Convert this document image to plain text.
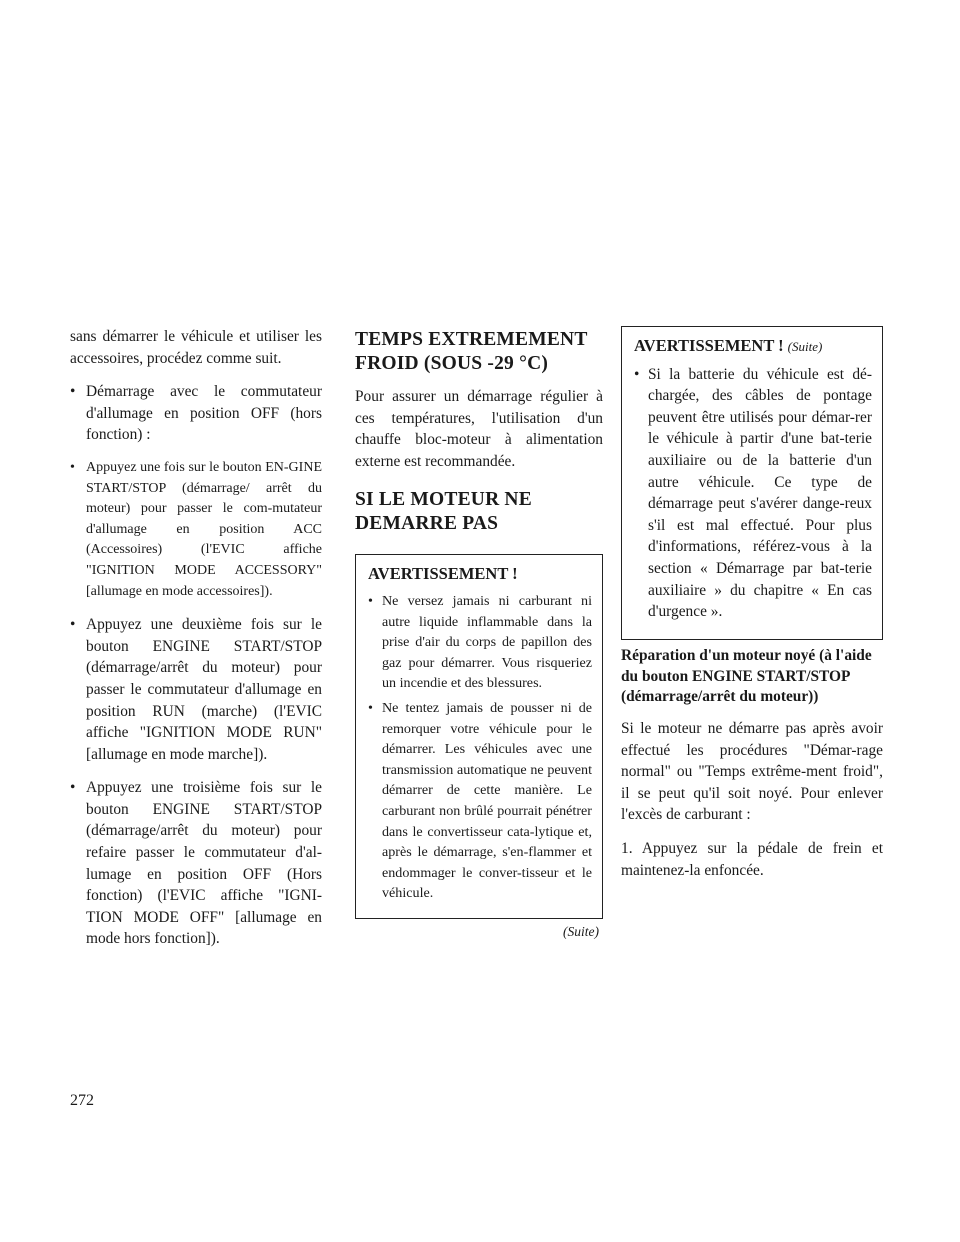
sans démarrer le véhicule et utiliser les accessoires, procédez comme suit.

• Démarrage avec le commutateur d'allumage en position OFF (hors fonction) :
• Appuyez une fois sur le bouton EN-GINE START/STOP (démarrage/ arrêt du moteur) pour passer le com-mutateur d'allumage en position ACC (Accessoires) (l'EVIC affiche "IGNITION MODE ACCESSORY" [allumage en mode accessoires]).
• Appuyez une deuxième fois sur le bouton ENGINE START/STOP (démarrage/arrêt du moteur) pour passer le commutateur d'allumage en position RUN (marche) (l'EVIC affiche "IGNITION MODE RUN" [allumage en mode marche]).
• Appuyez une troisième fois sur le bouton ENGINE START/STOP (démarrage/arrêt du moteur) pour refaire passer le commutateur d'al-lumage en position OFF (Hors fonction) (l'EVIC affiche "IGNI-TION MODE OFF" [allumage en mode hors fonction]).
TEMPS EXTREMEMENT FROID (SOUS -29 °C)

Pour assurer un démarrage régulier à ces températures, l'utilisation d'un chauffe bloc-moteur à alimentation externe est recommandée.

SI LE MOTEUR NE DEMARRE PAS
AVERTISSEMENT !
• Ne versez jamais ni carburant ni autre liquide inflammable dans la prise d'air du corps de papillon des gaz pour démarrer. Vous risqueriez un incendie et des blessures.
• Ne tentez jamais de pousser ni de remorquer votre véhicule pour le démarrer. Les véhicules avec une transmission automatique ne peuvent démarrer de cette manière. Le carburant non brûlé pourrait pénétrer dans le convertisseur cata-lytique et, après le démarrage, s'en-flammer et endommager le conver-tisseur et le véhicule.
(Suite)
AVERTISSEMENT ! (Suite)
• Si la batterie du véhicule est dé-chargée, des câbles de pontage peuvent être utilisés pour démar-rer le véhicule à partir d'une bat-terie auxiliaire ou de la batterie d'un autre véhicule. Ce type de démarrage peut s'avérer dange-reux s'il est mal effectué. Pour plus d'informations, référez-vous à la section « Démarrage par bat-terie auxiliaire » du chapitre « En cas d'urgence ».
Réparation d'un moteur noyé (à l'aide du bouton ENGINE START/STOP (démarrage/arrêt du moteur))

Si le moteur ne démarre pas après avoir effectué les procédures "Démar-rage normal" ou "Temps extrême-ment froid", il se peut qu'il soit noyé. Pour enlever l'excès de carburant :

1. Appuyez sur la pédale de frein et maintenez-la enfoncée.

272
